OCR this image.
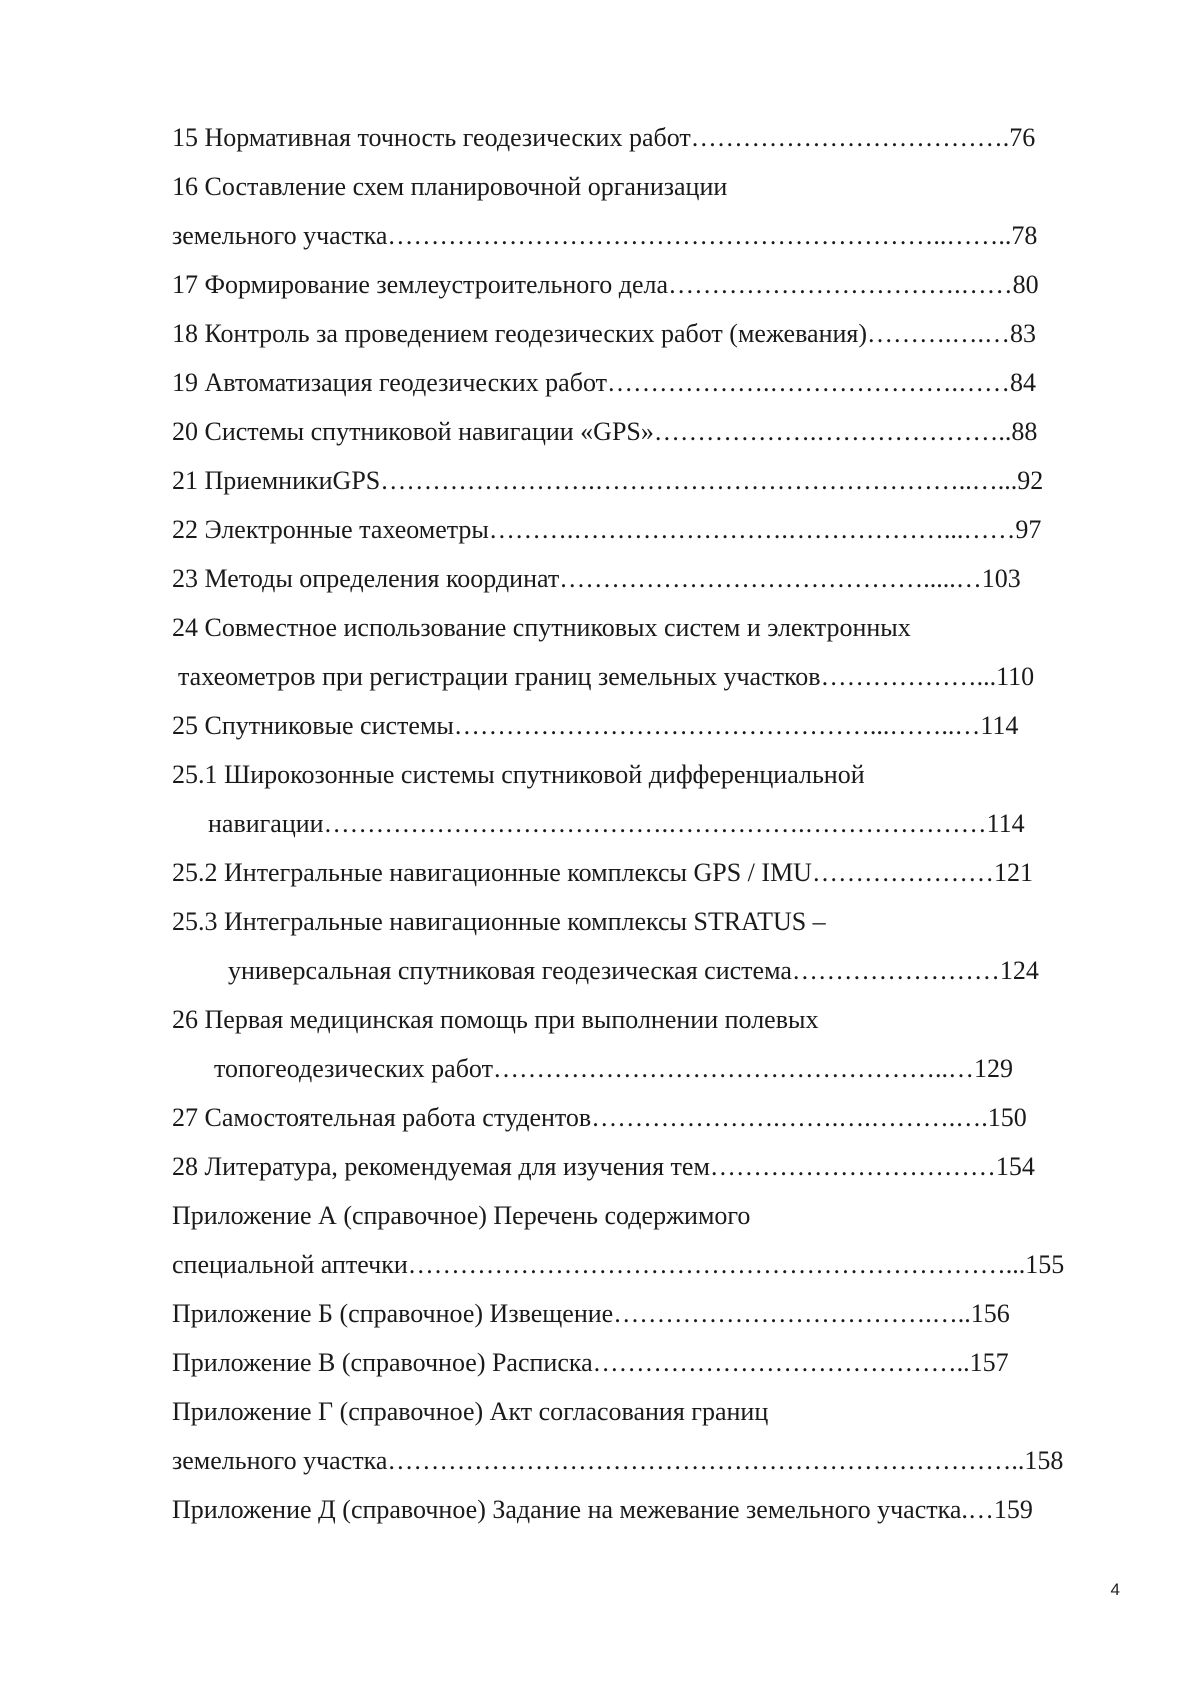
15 Нормативная точность геодезических работ……………………………….76
16 Составление схем планировочной организации
земельного участка………………………………………………………..……..78
17 Формирование землеустроительного дела…………………………….……80
18 Контроль за проведением геодезических работ (межевания)……….….…83
19 Автоматизация геодезических работ……………….………………….……84
20 Системы спутниковой навигации «GPS»……………….…………………..88
21 ПриемникиGPS…………………….……………………………………..…...92
22 Электронные тахеометры……….…………………….………………...……97
23 Методы определения координат…………………………………….....…103
24 Совместное использование спутниковых систем и электронных
тахеометров при регистрации границ земельных участков………………...110
25 Спутниковые системы…………………………………………...……..…114
25.1 Широкозонные системы спутниковой дифференциальной
навигации………………………………….…………….…………………114
25.2 Интегральные навигационные комплексы GPS / IMU…………………121
25.3 Интегральные навигационные комплексы STRATUS –
универсальная спутниковая геодезическая система……………………124
26 Первая медицинская помощь при выполнении полевых
топогеодезических работ……………………………………………..…129
27 Самостоятельная работа студентов………………….…….….……….….150
28 Литература, рекомендуемая для изучения тем……………………………154
Приложение А (справочное) Перечень содержимого
специальной аптечки……………………………………………………………...155
Приложение Б (справочное) Извещение……………………………….…..156
Приложение В (справочное) Расписка……………………………………..157
Приложение Г (справочное) Акт согласования границ
земельного участка………………………………………………………………..158
Приложение Д (справочное) Задание на межевание земельного участка.…159
4
